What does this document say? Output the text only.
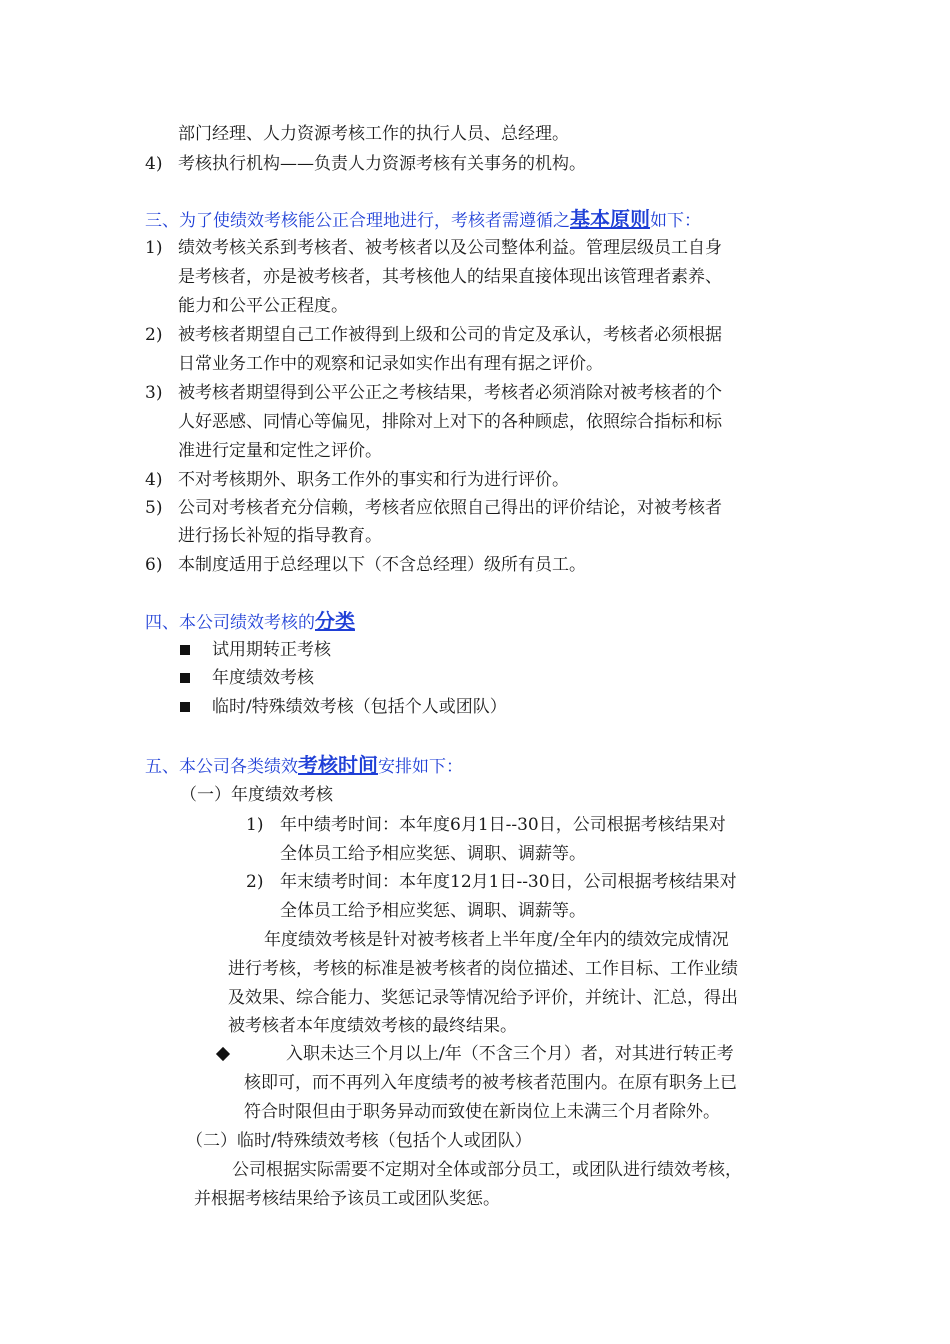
部门经理、人力资源考核工作的执行人员、总经理。
4) 考核执行机构——负责人力资源考核有关事务的机构。
三、为了使绩效考核能公正合理地进行，考核者需遵循之基本原则如下：
1) 绩效考核关系到考核者、被考核者以及公司整体利益。管理层级员工自身
是考核者，亦是被考核者，其考核他人的结果直接体现出该管理者素养、
能力和公平公正程度。
2) 被考核者期望自己工作被得到上级和公司的肯定及承认，考核者必须根据
日常业务工作中的观察和记录如实作出有理有据之评价。
3) 被考核者期望得到公平公正之考核结果，考核者必须消除对被考核者的个
人好恶感、同情心等偏见，排除对上对下的各种顾虑，依照综合指标和标
准进行定量和定性之评价。
4) 不对考核期外、职务工作外的事实和行为进行评价。
5) 公司对考核者充分信赖，考核者应依照自己得出的评价结论，对被考核者
进行扬长补短的指导教育。
6) 本制度适用于总经理以下（不含总经理）级所有员工。
四、本公司绩效考核的分类
试用期转正考核
年度绩效考核
临时/特殊绩效考核（包括个人或团队）
五、本公司各类绩效考核时间安排如下：
（一）年度绩效考核
1) 年中绩考时间：本年度6月1日--30日，公司根据考核结果对
全体员工给予相应奖惩、调职、调薪等。
2) 年末绩考时间：本年度12月1日--30日，公司根据考核结果对
全体员工给予相应奖惩、调职、调薪等。
年度绩效考核是针对被考核者上半年度/全年内的绩效完成情况
进行考核，考核的标准是被考核者的岗位描述、工作目标、工作业绩
及效果、综合能力、奖惩记录等情况给予评价，并统计、汇总，得出
被考核者本年度绩效考核的最终结果。
入职未达三个月以上/年（不含三个月）者，对其进行转正考
核即可，而不再列入年度绩考的被考核者范围内。在原有职务上已
符合时限但由于职务异动而致使在新岗位上未满三个月者除外。
（二）临时/特殊绩效考核（包括个人或团队）
公司根据实际需要不定期对全体或部分员工，或团队进行绩效考核，
并根据考核结果给予该员工或团队奖惩。
